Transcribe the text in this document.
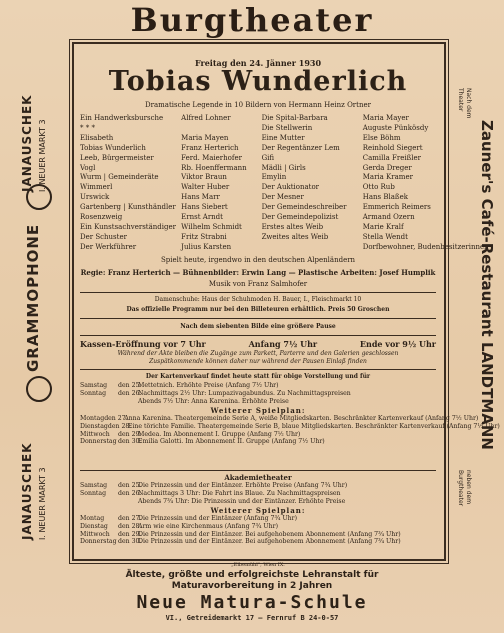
Burgtheater
JANAUSCHEK I. NEUER MARKT 3
GRAMMOPHONE
JANAUSCHEK I. NEUER MARKT 3
Nach dem
Theater
Zauner's Café-Restaurant LANDTMANN
neben dem
Burgtheater
Freitag den 24. Jänner 1930
Tobias Wunderlich
Dramatische Legende in 10 Bildern von Hermann Heinz Ortner
Ein Handwerksbursche	Alfred Lohner	Die Spital-Barbara	Maria Mayer
* * *	Die Stellwerin	Auguste Pünkösdy
Elisabeth	Maria Mayen	Eine Mutter	Else Böhm
Tobias Wunderlich	Franz Herterich	Der Regentänzer Lem	Reinhold Siegert
Leeb, Bürgermeister	Ferd. Maierhofer	Gifi	Camilla Freißler
Vogl	Rb. Hoenffermann	Mädli | Girls	Gerda Dreger
Wurm | Gemeinderäte	Viktor Braun	Emylin	Maria Kramer
Wimmerl	Walter Huber	Der Auktionator	Otto Rub
Urswick	Hans Marr	Der Mesner	Hans Blaßek
Gartenberg | Kunsthändler Hans Siebert	Der Gemeindeschreiber	Emmerich Reimers
Rosenzweig	Ernst Arndt	Der Gemeindepolizist	Armand Ozern
Ein Kunstsachverständiger Wilhelm Schmidt	Erstes altes Weib	Marie Kralf
Der Schuster	Fritz Strabni	Zweites altes Weib	Stella Wendt
Der Werkführer	Julius Karsten	Dorfbewohner, Budenbesitzerinnen
Spielt heute, irgendwo in den deutschen Alpenländern
Regie: Franz Herterich — Bühnenbilder: Erwin Lang — Plastische Arbeiten: Josef Humplik
Musik von Franz Salmhofer
Damenschuhe: Haus der Schuhmoden H. Bauer, I., Fleischmarkt 10
Das offizielle Programm nur bei den Billeteuren erhältlich. Preis 50 Groschen
Nach dem siebenten Bilde eine größere Pause
Kassen-Eröffnung vor 7 Uhr	Anfang 7½ Uhr	Ende vor 9½ Uhr
Während der Akte bleiben die Zugänge zum Parkett, Parterre und den Galerien geschlossen
Zuspätkommende können daher nur während der Pausen Einlaß finden
Der Kartenverkauf findet heute statt für obige Vorstellung und für
Samstag	den 25.
Mettetnich. Erhöhte Preise (Anfang 7½ Uhr)
Sonntag	den 26.
Nachmittags 2½ Uhr: Lumpazivagabundus. Zu Nachmittagspreisen
Abends 7½ Uhr: Anna Karenina. Erhöhte Preise
Weiterer Spielplan:
Montag den 27.
Anna Karenina. Theatergemeinde Serie A, weiße Mitgliedskarten. Beschränkter Kartenverkauf (Anfang 7½ Uhr)
Dienstag den 28.
Eine törichte Familie. Theatergemeinde Serie B, blaue Mitgliedskarten. Beschränkter Kartenverkauf (Anfang 7½ Uhr)
Mittwoch	den 29.
Medea. Im Abonnement I. Gruppe (Anfang 7½ Uhr)
Donnerstag den 30.
Emilia Galotti. Im Abonnement II. Gruppe (Anfang 7½ Uhr)
Akademietheater
Samstag	den 25.
Die Prinzessin und der Eintänzer. Erhöhte Preise (Anfang 7¾ Uhr)
Sonntag	den 26.
Nachmittags 3 Uhr: Die Fahrt ins Blaue. Zu Nachmittagspreisen
Abends 7¾ Uhr: Die Prinzessin und der Eintänzer. Erhöhte Preise
Weiterer Spielplan:
Montag	den 27.
Die Prinzessin und der Eintänzer (Anfang 7¾ Uhr)
Dienstag	den 28.
Arm wie eine Kirchenmaus (Anfang 7¾ Uhr)
Mittwoch	den 29.
Die Prinzessin und der Eintänzer. Bei aufgehobenem Abonnement (Anfang 7¾ Uhr)
Donnerstag den 30.
Die Prinzessin und der Eintänzer. Bei aufgehobenem Abonnement (Anfang 7¾ Uhr)
„Elbemühl", Wien IX.
Älteste, größte und erfolgreichste Lehranstalt für
Maturavorbereitung in 2 Jahren
Neue Matura-Schule
VI., Getreidemarkt 17 — Fernruf B 24-0-57
